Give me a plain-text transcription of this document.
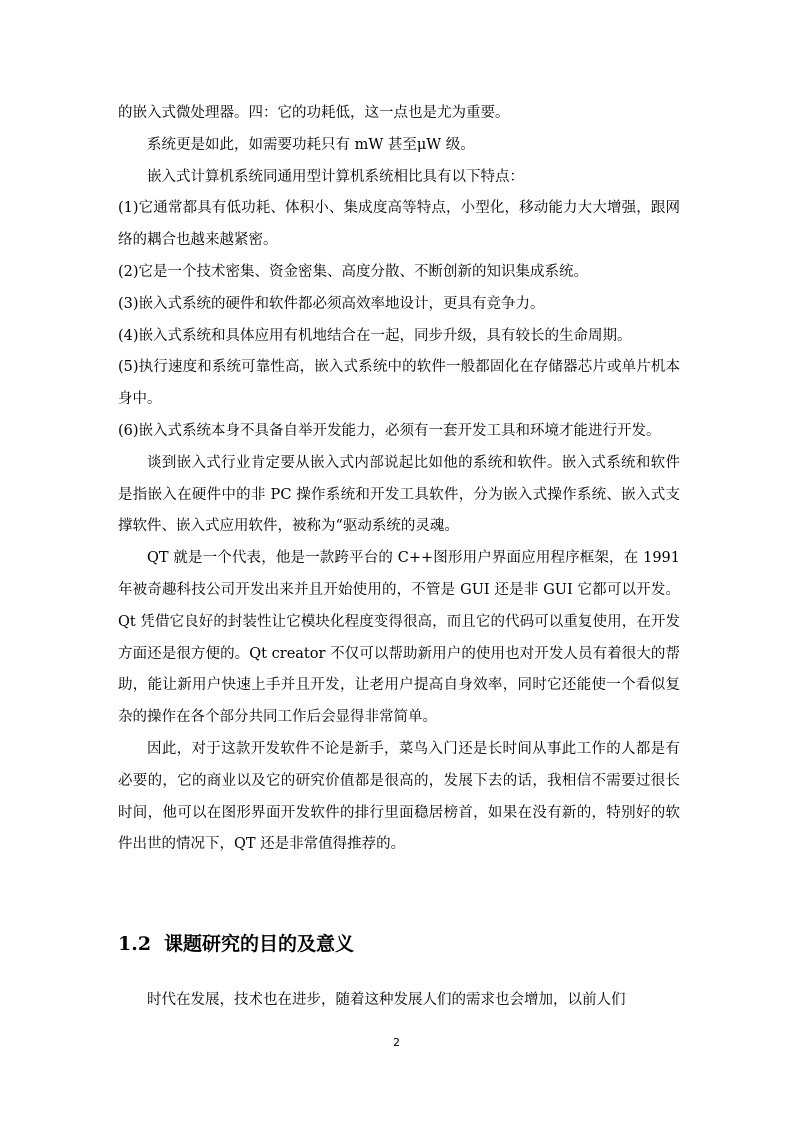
的嵌入式微处理器。四：它的功耗低，这一点也是尤为重要。

系统更是如此，如需要功耗只有 mW 甚至μW 级。

嵌入式计算机系统同通用型计算机系统相比具有以下特点：

(1)它通常都具有低功耗、体积小、集成度高等特点，小型化，移动能力大大增强，跟网络的耦合也越来越紧密。

(2)它是一个技术密集、资金密集、高度分散、不断创新的知识集成系统。

(3)嵌入式系统的硬件和软件都必须高效率地设计，更具有竞争力。

(4)嵌入式系统和具体应用有机地结合在一起，同步升级，具有较长的生命周期。

(5)执行速度和系统可靠性高，嵌入式系统中的软件一般都固化在存储器芯片或单片机本身中。

(6)嵌入式系统本身不具备自举开发能力，必须有一套开发工具和环境才能进行开发。

谈到嵌入式行业肯定要从嵌入式内部说起比如他的系统和软件。嵌入式系统和软件是指嵌入在硬件中的非 PC 操作系统和开发工具软件，分为嵌入式操作系统、嵌入式支撑软件、嵌入式应用软件，被称为“驱动系统的灵魂。

QT 就是一个代表，他是一款跨平台的 C++图形用户界面应用程序框架，在 1991 年被奇趣科技公司开发出来并且开始使用的，不管是 GUI 还是非 GUI 它都可以开发。Qt 凭借它良好的封装性让它模块化程度变得很高，而且它的代码可以重复使用，在开发方面还是很方便的。Qt creator 不仅可以帮助新用户的使用也对开发人员有着很大的帮助，能让新用户快速上手并且开发，让老用户提高自身效率，同时它还能使一个看似复杂的操作在各个部分共同工作后会显得非常简单。

因此，对于这款开发软件不论是新手，菜鸟入门还是长时间从事此工作的人都是有必要的，它的商业以及它的研究价值都是很高的，发展下去的话，我相信不需要过很长时间，他可以在图形界面开发软件的排行里面稳居榜首，如果在没有新的，特别好的软件出世的情况下，QT 还是非常值得推荐的。

1.2 课题研究的目的及意义

时代在发展，技术也在进步，随着这种发展人们的需求也会增加，以前人们

2
